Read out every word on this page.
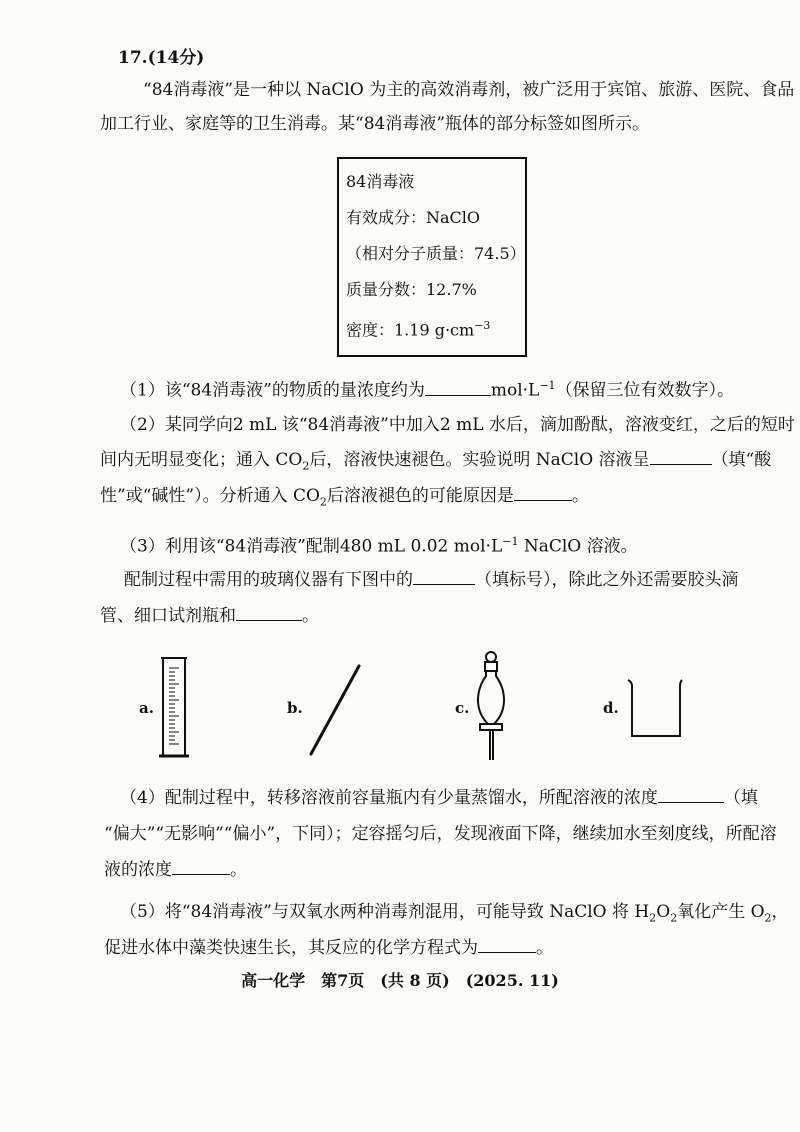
17.(14分)
“84消毒液”是一种以 NaClO 为主的高效消毒剂，被广泛用于宾馆、旅游、医院、食品
加工行业、家庭等的卫生消毒。某“84消毒液”瓶体的部分标签如图所示。
84消毒液
有效成分：NaClO
（相对分子质量：74.5）
质量分数：12.7%
密度：1.19 $g\cdot cm^{-3}$
（1）该“84消毒液”的物质的量浓度约为	$mol\cdot L^{-1}$（保留三位有效数字）。
（2）某同学向2 mL 该“84消毒液”中加入2 mL 水后，滴加酚酞，溶液变红，之后的短时
间内无明显变化；通入 $CO_2$后，溶液快速褪色。实验说明 NaClO 溶液呈	（填“酸
性”或“碱性”）。分析通入 $CO_2$后溶液褪色的可能原因是	。
（3）利用该“84消毒液”配制480 mL 0.02 $mol\cdot L^{-1}$ NaClO 溶液。
配制过程中需用的玻璃仪器有下图中的	（填标号），除此之外还需要胶头滴
管、细口试剂瓶和	。
a.	b.	c.	d.
（4）配制过程中，转移溶液前容量瓶内有少量蒸馏水，所配溶液的浓度	（填
“偏大”“无影响”“偏小”，下同）；定容摇匀后，发现液面下降，继续加水至刻度线，所配溶
液的浓度	。
（5）将“84消毒液”与双氧水两种消毒剂混用，可能导致 NaClO 将 $H_2O_2$氧化产生 $O_2$，
促进水体中藻类快速生长，其反应的化学方程式为	。
高一化学　第7页　(共 8 页)　(2025. 11)
